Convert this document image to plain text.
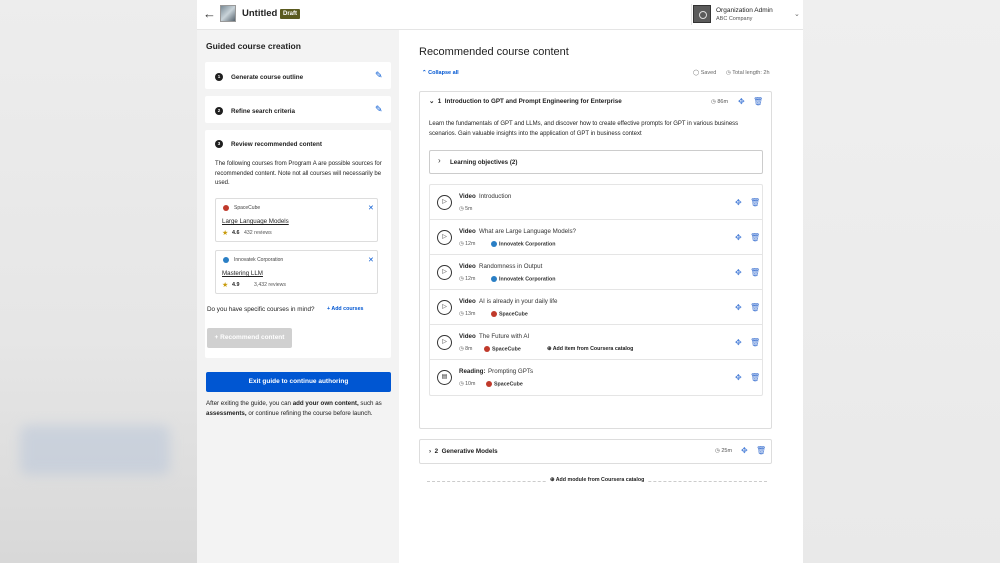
←	Untitled Draft	Organization Admin
ABC Company
⌄
Guided course creation
1	Generate course outline	✎
2	Refine search criteria	✎
3	Review recommended content
The following courses from Program A are possible sources for recommended content. Note not all courses will necessarily be used.
SpaceCube
Large Language Models
★ 4.6 432 reviews
✕
Innovatek Corporation
Mastering LLM
★ 4.9	3,432 reviews
✕
Do you have specific courses in mind? + Add courses
+ Recommend content
Exit guide to continue authoring
After exiting the guide, you can add your own content, such as assessments, or continue refining the course before launch.
Recommended course content
⌃ Collapse all	◯ Saved ◷ Total length: 2h
⌄  1 Introduction to GPT and Prompt Engineering for Enterprise	◷ 86m ✥ 🗑
Learn the fundamentals of GPT and LLMs, and discover how to create effective prompts for GPT in various business scenarios. Gain valuable insights into the application of GPT in business context
› Learning objectives (2)
▷
Video Introduction
◷ 5m
✥ 🗑
▷
Video What are Large Language Models?
◷ 12m	Innovatek Corporation
✥ 🗑
▷
Video Randomness in Output
◷ 12m	Innovatek Corporation
✥ 🗑
▷
Video AI is already in your daily life
◷ 13m	SpaceCube
✥ 🗑
▷
Video The Future with AI
◷ 8m	SpaceCube
✥ 🗑
▤
Reading: Prompting GPTs
◷ 10m	SpaceCube
✥ 🗑
⊕ Add item from Coursera catalog
›  2 Generative Models	◷ 25m ✥ 🗑
⊕ Add module from Coursera catalog
